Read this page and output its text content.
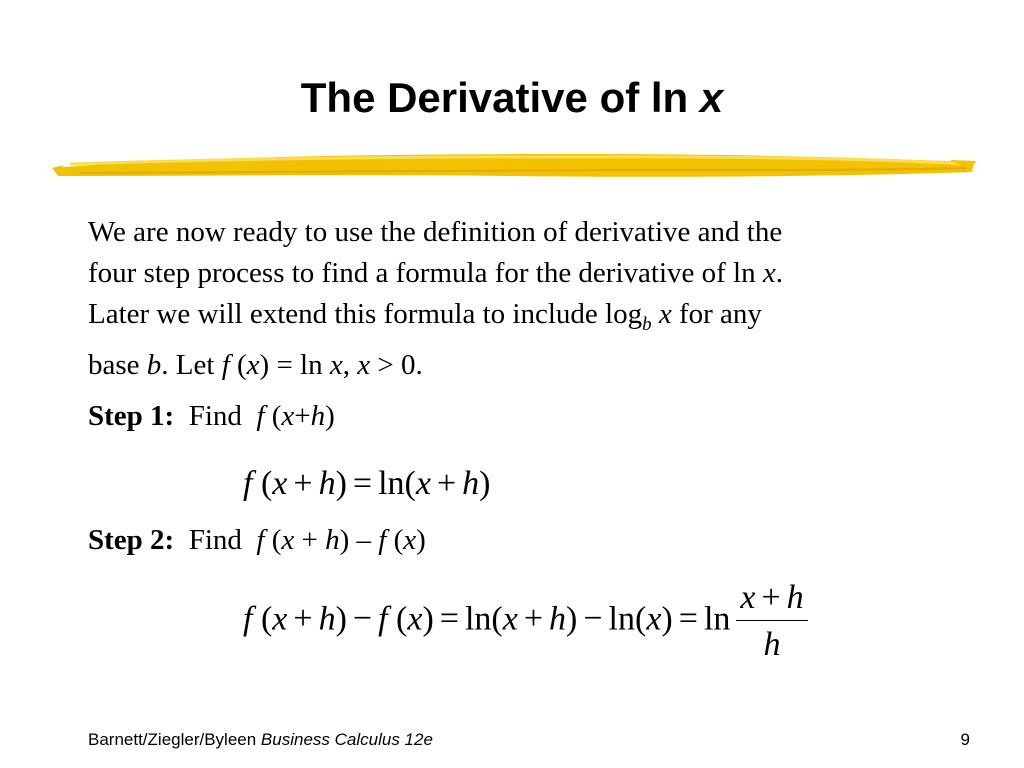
The Derivative of ln x
We are now ready to use the definition of derivative and the
four step process to find a formula for the derivative of ln x.
Later we will extend this formula to include $\log_b x$ for any
base b. Let f (x) = ln x, x > 0.
Step 1: Find f (x+h)
f (x + h) = ln(x + h)
Step 2: Find f (x + h) – f (x)
f (x + h) − f $(x) = \ln(x + h) - \ln(x) = \ln \frac{x + h}{h}$
Barnett/Ziegler/Byleen Business Calculus 12e	9
